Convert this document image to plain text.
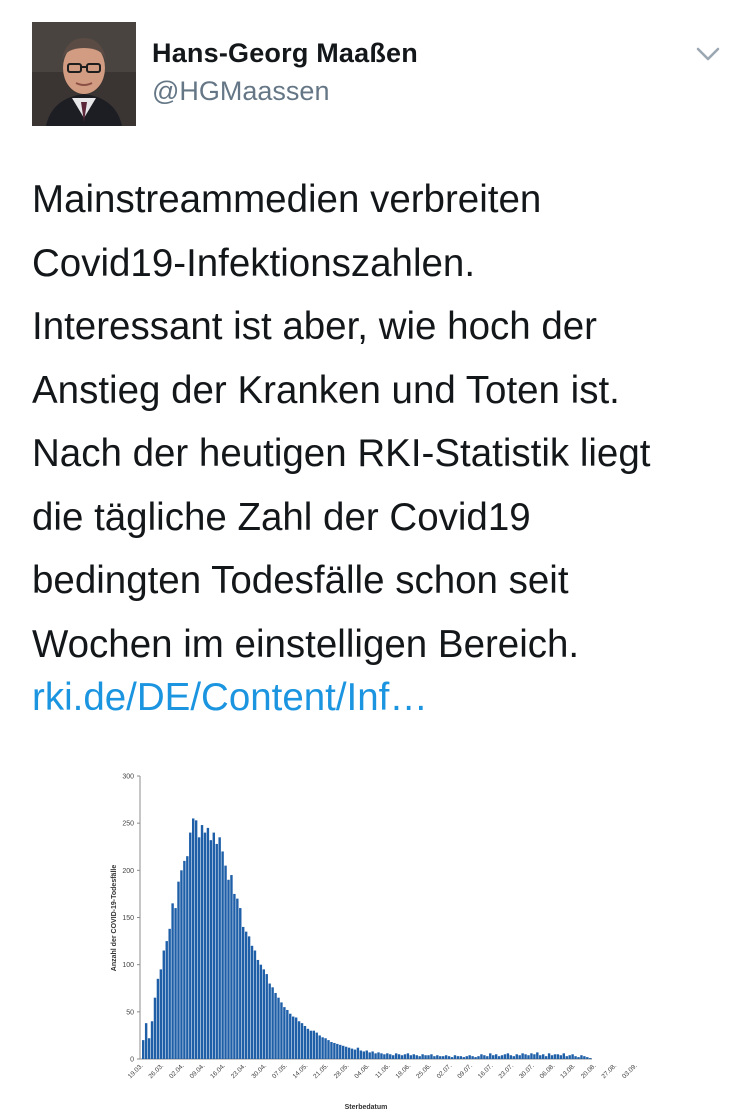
Hans-Georg Maaßen
@HGMaassen

Mainstreammedien verbreiten
Covid19-Infektionszahlen.
Interessant ist aber, wie hoch der
Anstieg der Kranken und Toten ist.
Nach der heutigen RKI-Statistik liegt
die tägliche Zahl der Covid19
bedingten Todesfälle schon seit
Wochen im einstelligen Bereich.

rki.de/DE/Content/Inf…
0
50
100
150
200
250
300
19.03. 26.03. 02.04. 09.04. 16.04. 23.04. 30.04. 07.05. 14.05. 21.05. 28.05. 04.06. 11.06. 18.06. 25.06. 02.07. 09.07. 16.07. 23.07. 30.07. 06.08. 13.08. 20.08. 27.08. 03.09.
Anzahl der COVID-19-Todesfälle
Sterbedatum
